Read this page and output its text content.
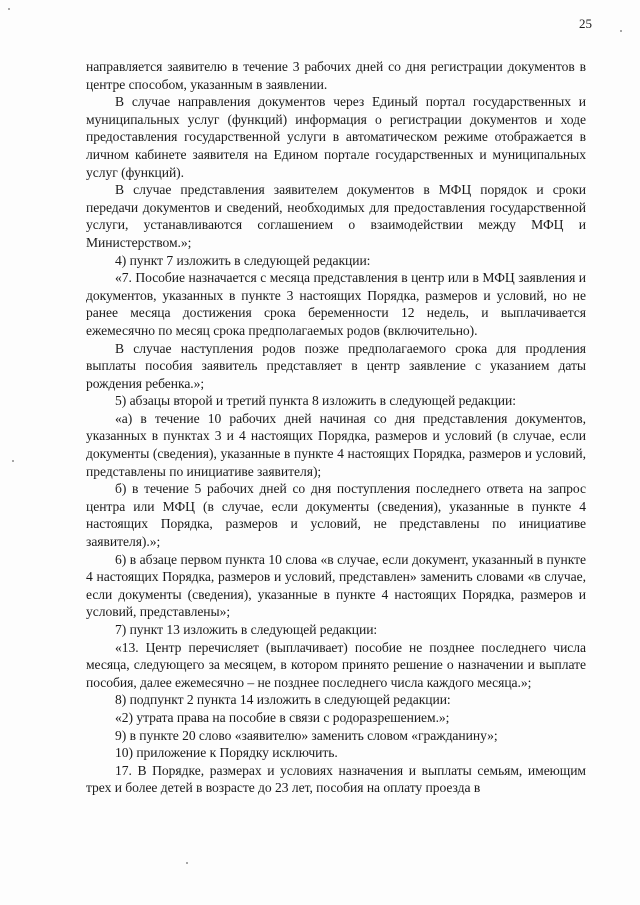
25

направляется заявителю в течение 3 рабочих дней со дня регистрации документов в центре способом, указанным в заявлении.

В случае направления документов через Единый портал государственных и муниципальных услуг (функций) информация о регистрации документов и ходе предоставления государственной услуги в автоматическом режиме отображается в личном кабинете заявителя на Едином портале государственных и муниципальных услуг (функций).

В случае представления заявителем документов в МФЦ порядок и сроки передачи документов и сведений, необходимых для предоставления государственной услуги, устанавливаются соглашением о взаимодействии между МФЦ и Министерством.»;

4) пункт 7 изложить в следующей редакции:

«7. Пособие назначается с месяца представления в центр или в МФЦ заявления и документов, указанных в пункте 3 настоящих Порядка, размеров и условий, но не ранее месяца достижения срока беременности 12 недель, и выплачивается ежемесячно по месяц срока предполагаемых родов (включительно).

В случае наступления родов позже предполагаемого срока для продления выплаты пособия заявитель представляет в центр заявление с указанием даты рождения ребенка.»;

5) абзацы второй и третий пункта 8 изложить в следующей редакции:

«а) в течение 10 рабочих дней начиная со дня представления документов, указанных в пунктах 3 и 4 настоящих Порядка, размеров и условий (в случае, если документы (сведения), указанные в пункте 4 настоящих Порядка, размеров и условий, представлены по инициативе заявителя);

б) в течение 5 рабочих дней со дня поступления последнего ответа на запрос центра или МФЦ (в случае, если документы (сведения), указанные в пункте 4 настоящих Порядка, размеров и условий, не представлены по инициативе заявителя).»;

6) в абзаце первом пункта 10 слова «в случае, если документ, указанный в пункте 4 настоящих Порядка, размеров и условий, представлен» заменить словами «в случае, если документы (сведения), указанные в пункте 4 настоящих Порядка, размеров и условий, представлены»;

7) пункт 13 изложить в следующей редакции:

«13. Центр перечисляет (выплачивает) пособие не позднее последнего числа месяца, следующего за месяцем, в котором принято решение о назначении и выплате пособия, далее ежемесячно – не позднее последнего числа каждого месяца.»;

8) подпункт 2 пункта 14 изложить в следующей редакции:

«2) утрата права на пособие в связи с родоразрешением.»;

9) в пункте 20 слово «заявителю» заменить словом «гражданину»;

10) приложение к Порядку исключить.

17. В Порядке, размерах и условиях назначения и выплаты семьям, имеющим трех и более детей в возрасте до 23 лет, пособия на оплату проезда в
